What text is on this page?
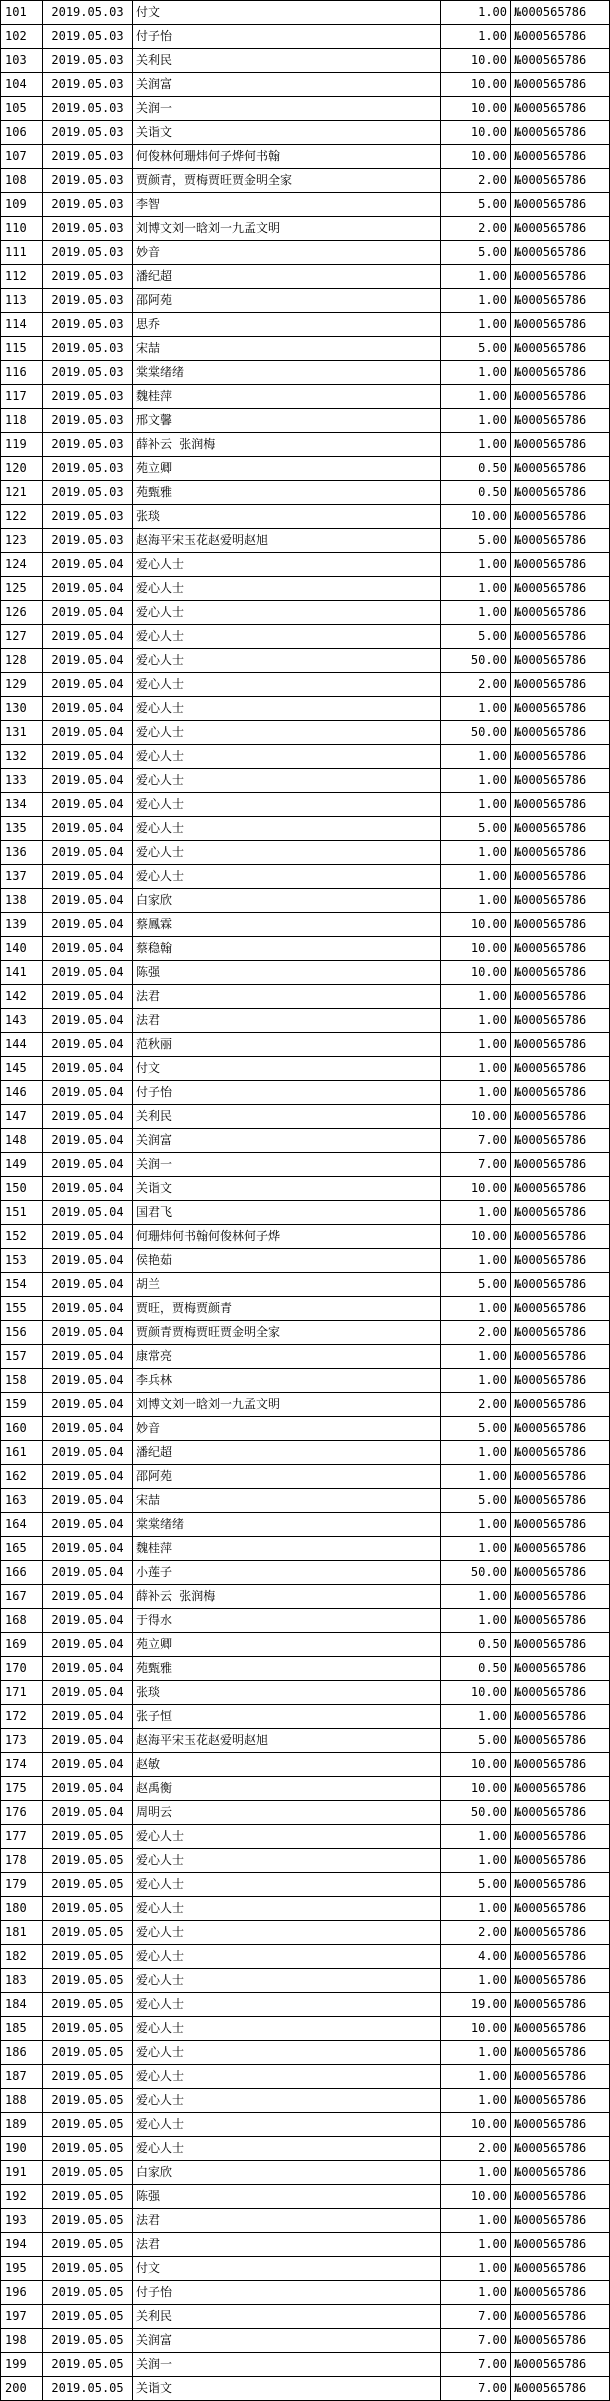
101	2019.05.03	付文	1.00	№000565786
102	2019.05.03	付子怡	1.00	№000565786
103	2019.05.03	关利民	10.00	№000565786
104	2019.05.03	关润富	10.00	№000565786
105	2019.05.03	关润一	10.00	№000565786
106	2019.05.03	关诣文	10.00	№000565786
107	2019.05.03	何俊林何珊炜何子烨何书翰	10.00	№000565786
108	2019.05.03	贾颜青，贾梅贾旺贾金明全家	2.00	№000565786
109	2019.05.03	李智	5.00	№000565786
110	2019.05.03	刘博文刘一晗刘一九孟文明	2.00	№000565786
111	2019.05.03	妙音	5.00	№000565786
112	2019.05.03	潘纪超	1.00	№000565786
113	2019.05.03	邵阿苑	1.00	№000565786
114	2019.05.03	思乔	1.00	№000565786
115	2019.05.03	宋喆	5.00	№000565786
116	2019.05.03	棠棠绪绪	1.00	№000565786
117	2019.05.03	魏桂萍	1.00	№000565786
118	2019.05.03	邢文馨	1.00	№000565786
119	2019.05.03	薛补云 张润梅	1.00	№000565786
120	2019.05.03	苑立卿	0.50	№000565786
121	2019.05.03	苑甄雅	0.50	№000565786
122	2019.05.03	张琰	10.00	№000565786
123	2019.05.03	赵海平宋玉花赵爱明赵旭	5.00	№000565786
124	2019.05.04	爱心人士	1.00	№000565786
125	2019.05.04	爱心人士	1.00	№000565786
126	2019.05.04	爱心人士	1.00	№000565786
127	2019.05.04	爱心人士	5.00	№000565786
128	2019.05.04	爱心人士	50.00	№000565786
129	2019.05.04	爱心人士	2.00	№000565786
130	2019.05.04	爱心人士	1.00	№000565786
131	2019.05.04	爱心人士	50.00	№000565786
132	2019.05.04	爱心人士	1.00	№000565786
133	2019.05.04	爱心人士	1.00	№000565786
134	2019.05.04	爱心人士	1.00	№000565786
135	2019.05.04	爱心人士	5.00	№000565786
136	2019.05.04	爱心人士	1.00	№000565786
137	2019.05.04	爱心人士	1.00	№000565786
138	2019.05.04	白家欣	1.00	№000565786
139	2019.05.04	蔡鳳霖	10.00	№000565786
140	2019.05.04	蔡稳翰	10.00	№000565786
141	2019.05.04	陈强	10.00	№000565786
142	2019.05.04	法君	1.00	№000565786
143	2019.05.04	法君	1.00	№000565786
144	2019.05.04	范秋丽	1.00	№000565786
145	2019.05.04	付文	1.00	№000565786
146	2019.05.04	付子怡	1.00	№000565786
147	2019.05.04	关利民	10.00	№000565786
148	2019.05.04	关润富	7.00	№000565786
149	2019.05.04	关润一	7.00	№000565786
150	2019.05.04	关诣文	10.00	№000565786
151	2019.05.04	国君飞	1.00	№000565786
152	2019.05.04	何珊炜何书翰何俊林何子烨	10.00	№000565786
153	2019.05.04	侯艳茹	1.00	№000565786
154	2019.05.04	胡兰	5.00	№000565786
155	2019.05.04	贾旺，贾梅贾颜青	1.00	№000565786
156	2019.05.04	贾颜青贾梅贾旺贾金明全家	2.00	№000565786
157	2019.05.04	康常亮	1.00	№000565786
158	2019.05.04	李兵林	1.00	№000565786
159	2019.05.04	刘博文刘一晗刘一九孟文明	2.00	№000565786
160	2019.05.04	妙音	5.00	№000565786
161	2019.05.04	潘纪超	1.00	№000565786
162	2019.05.04	邵阿苑	1.00	№000565786
163	2019.05.04	宋喆	5.00	№000565786
164	2019.05.04	棠棠绪绪	1.00	№000565786
165	2019.05.04	魏桂萍	1.00	№000565786
166	2019.05.04	小莲子	50.00	№000565786
167	2019.05.04	薛补云 张润梅	1.00	№000565786
168	2019.05.04	于得水	1.00	№000565786
169	2019.05.04	苑立卿	0.50	№000565786
170	2019.05.04	苑甄雅	0.50	№000565786
171	2019.05.04	张琰	10.00	№000565786
172	2019.05.04	张子恒	1.00	№000565786
173	2019.05.04	赵海平宋玉花赵爱明赵旭	5.00	№000565786
174	2019.05.04	赵敏	10.00	№000565786
175	2019.05.04	赵禹衡	10.00	№000565786
176	2019.05.04	周明云	50.00	№000565786
177	2019.05.05	爱心人士	1.00	№000565786
178	2019.05.05	爱心人士	1.00	№000565786
179	2019.05.05	爱心人士	5.00	№000565786
180	2019.05.05	爱心人士	1.00	№000565786
181	2019.05.05	爱心人士	2.00	№000565786
182	2019.05.05	爱心人士	4.00	№000565786
183	2019.05.05	爱心人士	1.00	№000565786
184	2019.05.05	爱心人士	19.00	№000565786
185	2019.05.05	爱心人士	10.00	№000565786
186	2019.05.05	爱心人士	1.00	№000565786
187	2019.05.05	爱心人士	1.00	№000565786
188	2019.05.05	爱心人士	1.00	№000565786
189	2019.05.05	爱心人士	10.00	№000565786
190	2019.05.05	爱心人士	2.00	№000565786
191	2019.05.05	白家欣	1.00	№000565786
192	2019.05.05	陈强	10.00	№000565786
193	2019.05.05	法君	1.00	№000565786
194	2019.05.05	法君	1.00	№000565786
195	2019.05.05	付文	1.00	№000565786
196	2019.05.05	付子怡	1.00	№000565786
197	2019.05.05	关利民	7.00	№000565786
198	2019.05.05	关润富	7.00	№000565786
199	2019.05.05	关润一	7.00	№000565786
200	2019.05.05	关诣文	7.00	№000565786
